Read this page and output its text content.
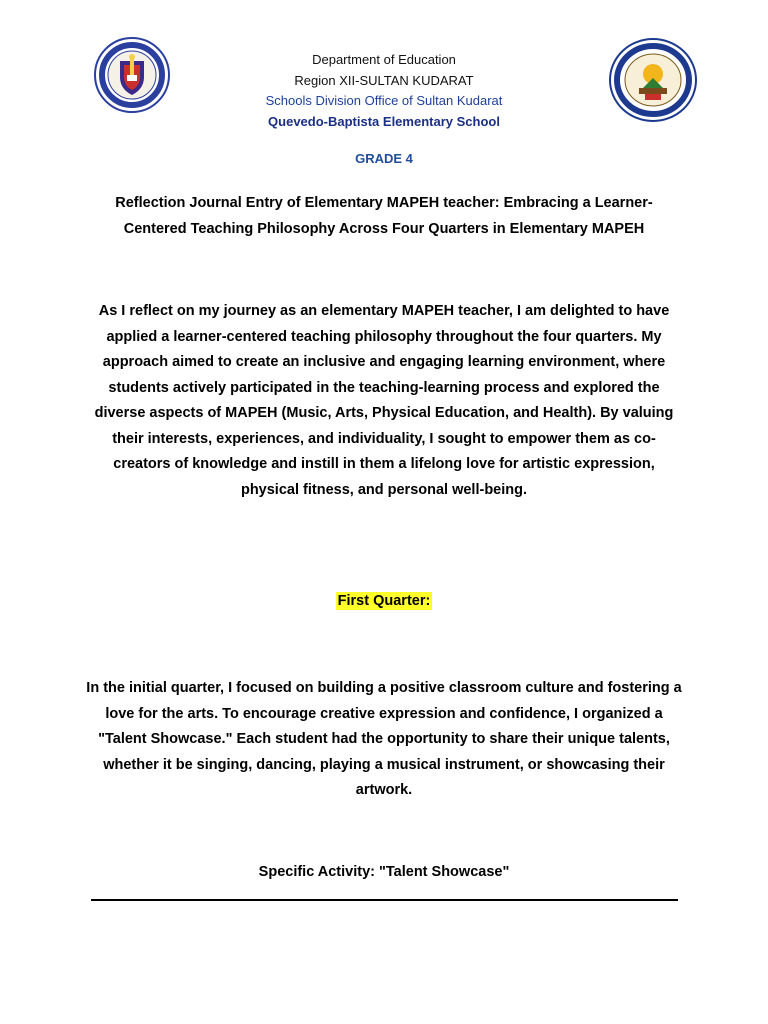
Department of Education
Region XII-SULTAN KUDARAT
Schools Division Office of Sultan Kudarat
Quevedo-Baptista Elementary School
GRADE 4
Reflection Journal Entry of Elementary MAPEH teacher: Embracing a Learner-Centered Teaching Philosophy Across Four Quarters in Elementary MAPEH
As I reflect on my journey as an elementary MAPEH teacher, I am delighted to have applied a learner-centered teaching philosophy throughout the four quarters. My approach aimed to create an inclusive and engaging learning environment, where students actively participated in the teaching-learning process and explored the diverse aspects of MAPEH (Music, Arts, Physical Education, and Health). By valuing their interests, experiences, and individuality, I sought to empower them as co-creators of knowledge and instill in them a lifelong love for artistic expression, physical fitness, and personal well-being.
First Quarter:
In the initial quarter, I focused on building a positive classroom culture and fostering a love for the arts. To encourage creative expression and confidence, I organized a "Talent Showcase." Each student had the opportunity to share their unique talents, whether it be singing, dancing, playing a musical instrument, or showcasing their artwork.
Specific Activity: "Talent Showcase"
